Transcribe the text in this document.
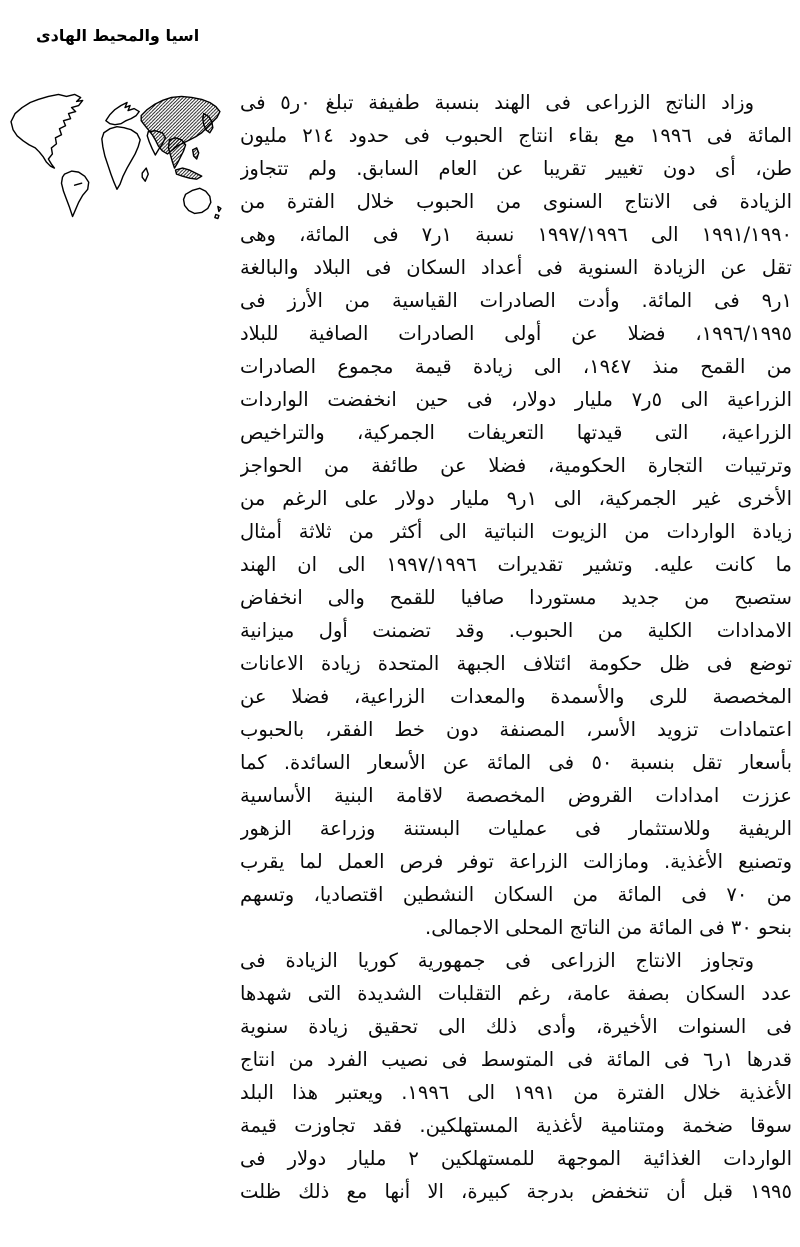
اسيا والمحيط الهادى
وزاد الناتج الزراعى فى الهند بنسبة طفيفة تبلغ ٠ر٥ فى
المائة فى ١٩٩٦ مع بقاء انتاج الحبوب فى حدود ٢١٤ مليون
طن، أى دون تغيير تقريبا عن العام السابق. ولم تتجاوز
الزيادة فى الانتاج السنوى من الحبوب خلال الفترة من
١٩٩١/١٩٩٠ الى ١٩٩٧/١٩٩٦ نسبة ١ر٧ فى المائة، وهى
تقل عن الزيادة السنوية فى أعداد السكان فى البلاد والبالغة
١ر٩ فى المائة. وأدت الصادرات القياسية من الأرز فى
١٩٩٦/١٩٩٥، فضلا عن أولى الصادرات الصافية للبلاد
من القمح منذ ١٩٤٧، الى زيادة قيمة مجموع الصادرات
الزراعية الى ٥ر٧ مليار دولار، فى حين انخفضت الواردات
الزراعية، التى قيدتها التعريفات الجمركية، والتراخيص
وترتيبات التجارة الحكومية، فضلا عن طائفة من الحواجز
الأخرى غير الجمركية، الى ١ر٩ مليار دولار على الرغم من
زيادة الواردات من الزيوت النباتية الى أكثر من ثلاثة أمثال
ما كانت عليه. وتشير تقديرات ١٩٩٧/١٩٩٦ الى ان الهند
ستصبح من جديد مستوردا صافيا للقمح والى انخفاض
الامدادات الكلية من الحبوب. وقد تضمنت أول ميزانية
توضع فى ظل حكومة ائتلاف الجبهة المتحدة زيادة الاعانات
المخصصة للرى والأسمدة والمعدات الزراعية، فضلا عن
اعتمادات تزويد الأسر، المصنفة دون خط الفقر، بالحبوب
بأسعار تقل بنسبة ٥٠ فى المائة عن الأسعار السائدة. كما
عززت امدادات القروض المخصصة لاقامة البنية الأساسية
الريفية وللاستثمار فى عمليات البستنة وزراعة الزهور
وتصنيع الأغذية. ومازالت الزراعة توفر فرص العمل لما يقرب
من ٧٠ فى المائة من السكان النشطين اقتصاديا، وتسهم
بنحو ٣٠ فى المائة من الناتج المحلى الاجمالى.
وتجاوز الانتاج الزراعى فى جمهورية كوريا الزيادة فى
عدد السكان بصفة عامة، رغم التقلبات الشديدة التى شهدها
فى السنوات الأخيرة، وأدى ذلك الى تحقيق زيادة سنوية
قدرها ١ر٦ فى المائة فى المتوسط فى نصيب الفرد من انتاج
الأغذية خلال الفترة من ١٩٩١ الى ١٩٩٦. ويعتبر هذا البلد
سوقا ضخمة ومتنامية لأغذية المستهلكين. فقد تجاوزت قيمة
الواردات الغذائية الموجهة للمستهلكين ٢ مليار دولار فى
١٩٩٥ قبل أن تنخفض بدرجة كبيرة، الا أنها مع ذلك ظلت
